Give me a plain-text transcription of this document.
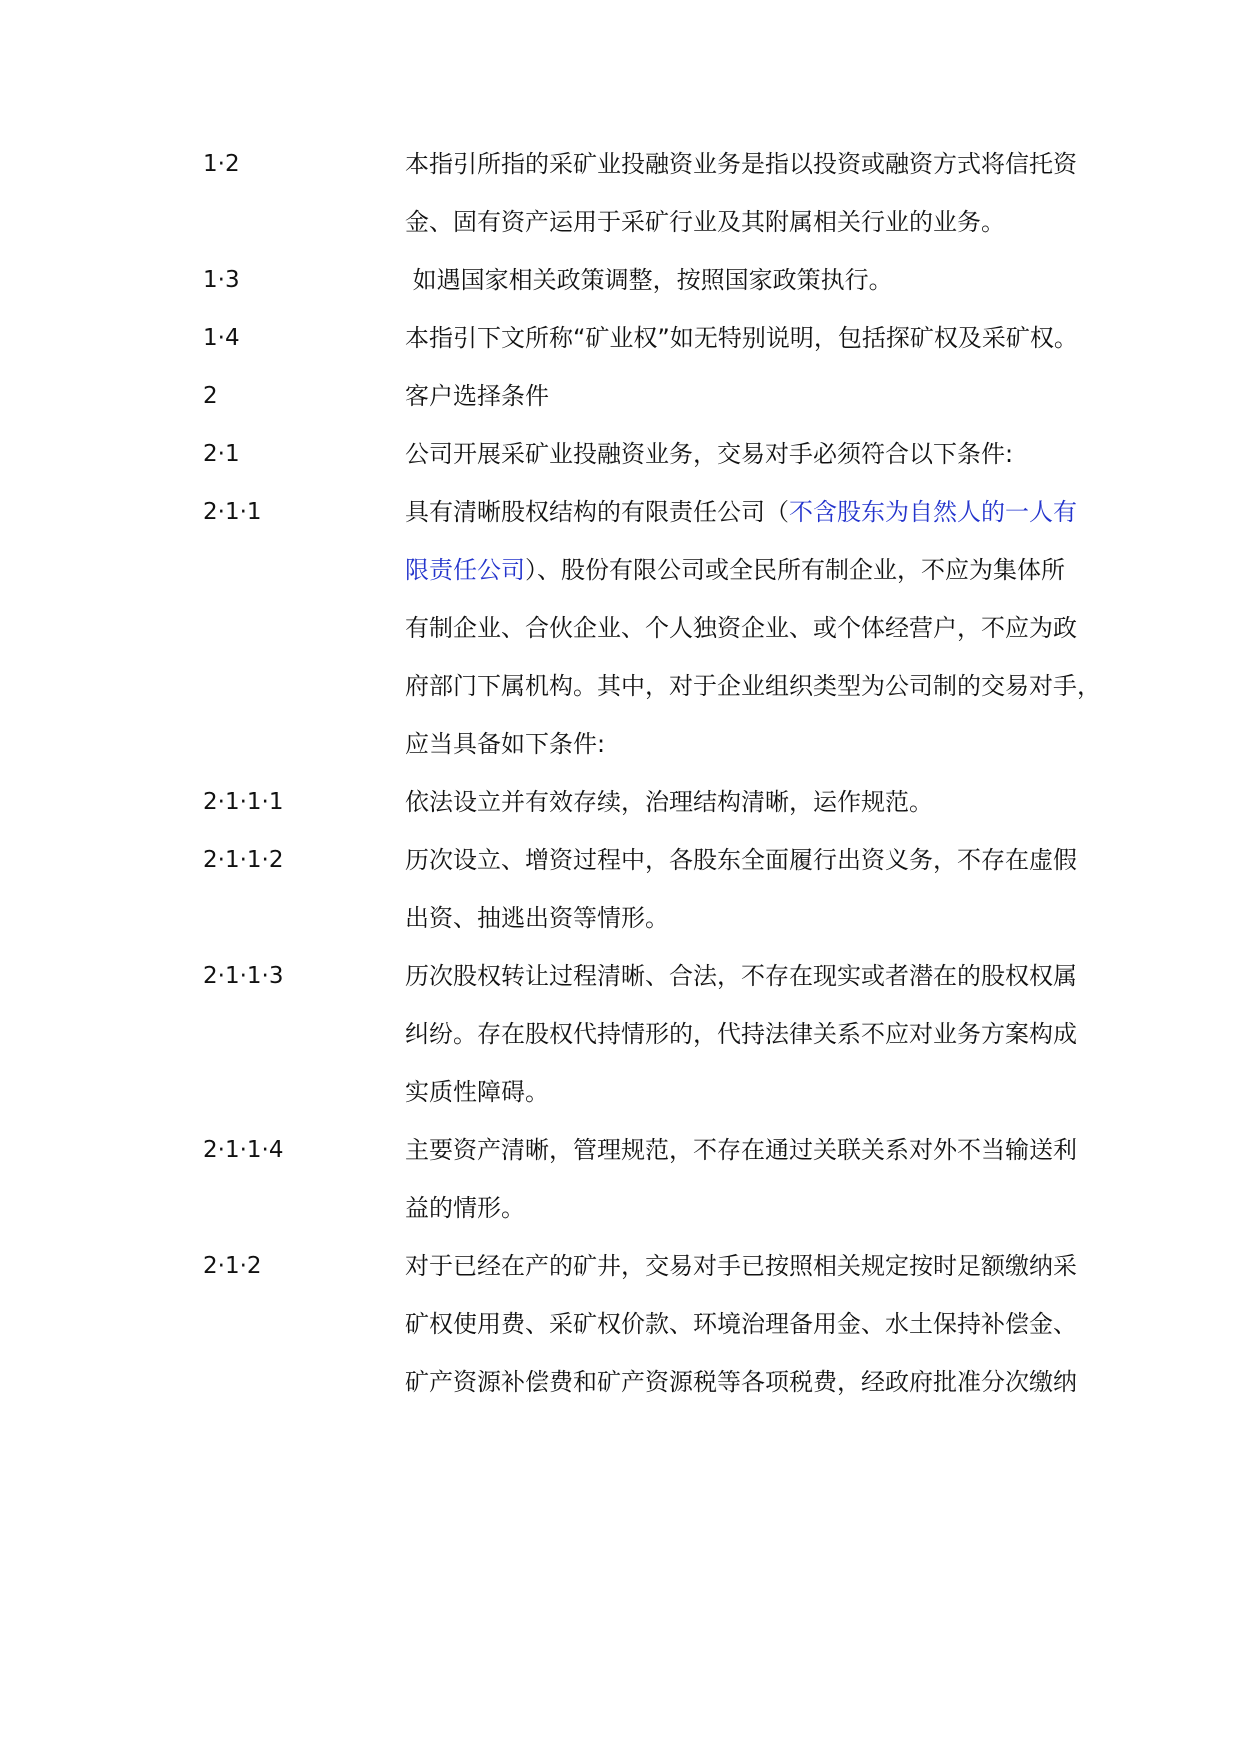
1·2	本指引所指的采矿业投融资业务是指以投资或融资方式将信托资
金、固有资产运用于采矿行业及其附属相关行业的业务。
1·3	如遇国家相关政策调整，按照国家政策执行。
1·4	本指引下文所称“矿业权”如无特别说明，包括探矿权及采矿权。
2	客户选择条件
2·1	公司开展采矿业投融资业务，交易对手必须符合以下条件:
2·1·1	具有清晰股权结构的有限责任公司（不含股东为自然人的一人有
限责任公司）、股份有限公司或全民所有制企业，不应为集体所
有制企业、合伙企业、个人独资企业、或个体经营户，不应为政
府部门下属机构。其中，对于企业组织类型为公司制的交易对手，
应当具备如下条件:
2·1·1·1	依法设立并有效存续，治理结构清晰，运作规范。
2·1·1·2	历次设立、增资过程中，各股东全面履行出资义务，不存在虚假
出资、抽逃出资等情形。
2·1·1·3	历次股权转让过程清晰、合法，不存在现实或者潜在的股权权属
纠纷。存在股权代持情形的，代持法律关系不应对业务方案构成
实质性障碍。
2·1·1·4	主要资产清晰，管理规范，不存在通过关联关系对外不当输送利
益的情形。
2·1·2	对于已经在产的矿井，交易对手已按照相关规定按时足额缴纳采
矿权使用费、采矿权价款、环境治理备用金、水土保持补偿金、
矿产资源补偿费和矿产资源税等各项税费，经政府批准分次缴纳
